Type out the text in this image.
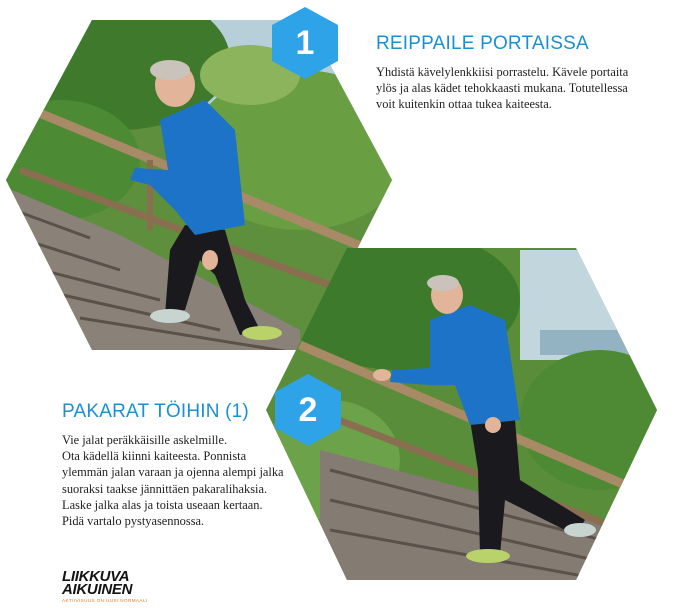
1	REIPPAILE PORTAISSA

Yhdistä kävelylenkkiisi porrastelu. Kävele portaita
ylös ja alas kädet tehokkaasti mukana. Totutellessa
voit kuitenkin ottaa tukea kaiteesta.

2
PAKARAT TÖIHIN (1)

Vie jalat peräkkäisille askelmille.
Ota kädellä kiinni kaiteesta. Ponnista
ylemmän jalan varaan ja ojenna alempi jalka
suoraksi taakse jännittäen pakaralihaksia.
Laske jalka alas ja toista useaan kertaan.
Pidä vartalo pystyasennossa.

LIIKKUVA
AIKUINEN
AKTIIVISUUS ON UUSI NORMAALI
